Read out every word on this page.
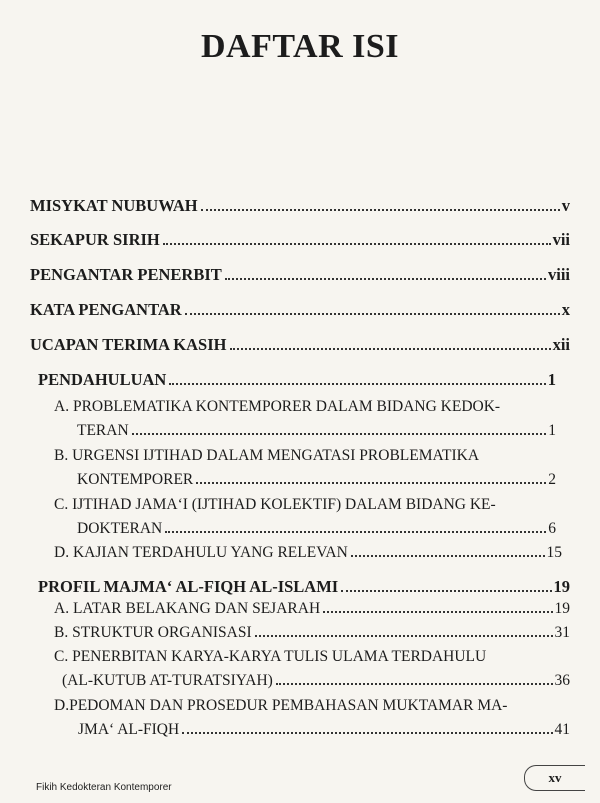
DAFTAR ISI
MISYKAT NUBUWAH	v
SEKAPUR SIRIH	vii
PENGANTAR PENERBIT	viii
KATA PENGANTAR	x
UCAPAN TERIMA KASIH	xii
PENDAHULUAN	1
A. PROBLEMATIKA KONTEMPORER DALAM BIDANG KEDOK-
TERAN	1
B. URGENSI IJTIHAD DALAM MENGATASI PROBLEMATIKA
KONTEMPORER	2
C. IJTIHAD JAMA‘I (IJTIHAD KOLEKTIF) DALAM BIDANG KE-
DOKTERAN	6
D. KAJIAN TERDAHULU YANG RELEVAN	15
PROFIL MAJMA‘ AL-FIQH AL-ISLAMI	19
A. LATAR BELAKANG DAN SEJARAH	19
B. STRUKTUR ORGANISASI	31
C. PENERBITAN KARYA-KARYA TULIS ULAMA TERDAHULU
(AL-KUTUB AT-TURATSIYAH)	36
D.PEDOMAN DAN PROSEDUR PEMBAHASAN MUKTAMAR MA-
JMA‘ AL-FIQH	41
Fikih Kedokteran Kontemporer
xv
